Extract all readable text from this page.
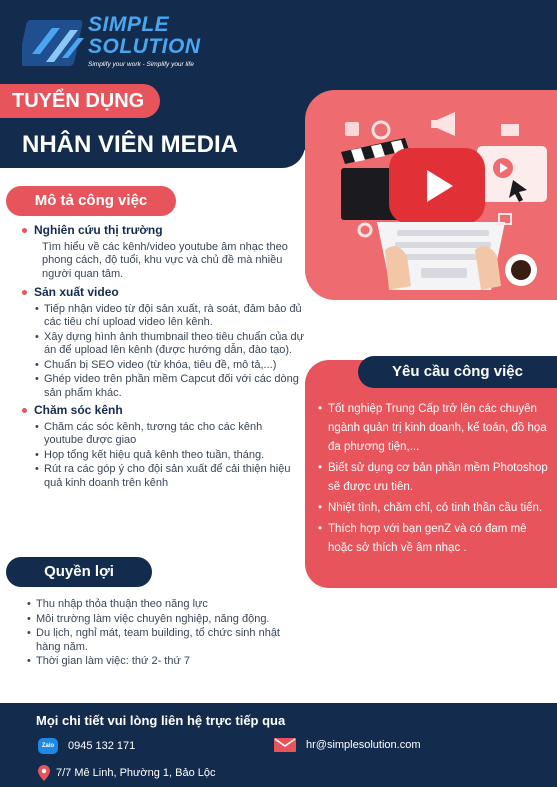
SIMPLE
SOLUTION
Simplify your work - Simplify your life
TUYỂN DỤNG
NHÂN VIÊN MEDIA
Mô tả công việc
Nghiên cứu thị trường
Tìm hiểu về các kênh/video youtube âm nhạc theo phong cách, độ tuổi, khu vực và chủ đề mà nhiều người quan tâm.
Sản xuất video
• Tiếp nhận video từ đội sản xuất, rà soát, đảm bảo đủ các tiêu chí upload video lên kênh.
• Xây dựng hình ảnh thumbnail theo tiêu chuẩn của dự án để upload lên kênh (được hướng dẫn, đào tạo).
• Chuẩn bị SEO video (từ khóa, tiêu đề, mô tả,...)
• Ghép video trên phần mềm Capcut đối với các dòng sản phẩm khác.
Chăm sóc kênh
• Chăm các sóc kênh, tương tác cho các kênh youtube được giao
• Họp tổng kết hiệu quả kênh theo tuần, tháng.
• Rút ra các góp ý cho đội sản xuất để cải thiện hiệu quả kinh doanh trên kênh
Yêu cầu công việc
• Tốt nghiệp Trung Cấp trở lên các chuyên ngành quản trị kinh doanh, kế toán, đồ họa đa phương tiện,...
• Biết sử dụng cơ bản phần mềm Photoshop sẽ được ưu tiên.
• Nhiệt tình, chăm chỉ, có tinh thần cầu tiến.
• Thích hợp với bạn genZ và có đam mê hoặc sở thích về âm nhạc .
Quyền lợi
• Thu nhập thỏa thuận theo năng lực
• Môi trường làm việc chuyên nghiệp, năng động.
• Du lịch, nghỉ mát, team building, tổ chức sinh nhật hàng năm.
• Thời gian làm việc: thứ 2- thứ 7
Mọi chi tiết vui lòng liên hệ trực tiếp qua
Zalo	0945 132 171	hr@simplesolution.com
7/7 Mê Linh, Phường 1, Bảo Lộc
